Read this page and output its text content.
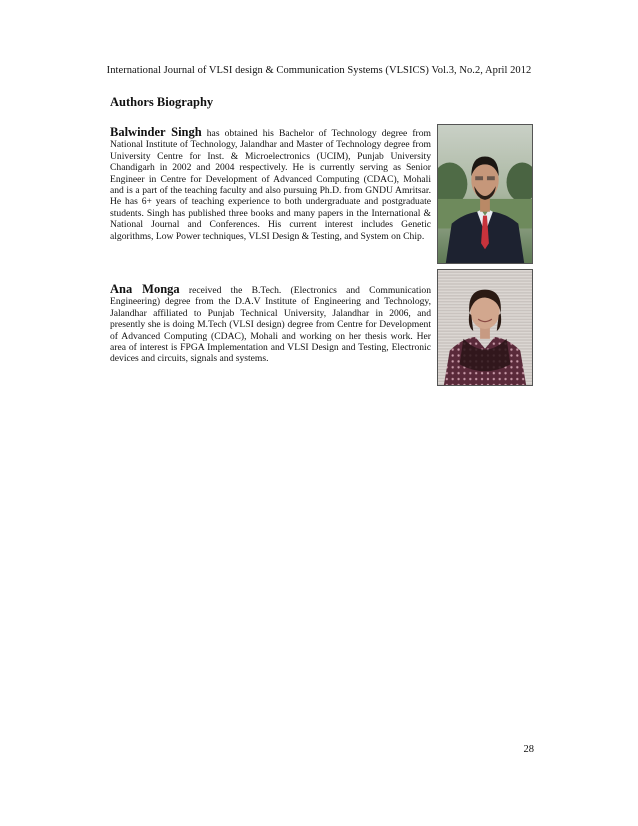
International Journal of VLSI design & Communication Systems (VLSICS) Vol.3, No.2, April 2012
Authors Biography
Balwinder Singh has obtained his Bachelor of Technology degree from National Institute of Technology, Jalandhar and Master of Technology degree from University Centre for Inst. & Microelectronics (UCIM), Punjab University Chandigarh in 2002 and 2004 respectively. He is currently serving as Senior Engineer in Centre for Development of Advanced Computing (CDAC), Mohali and is a part of the teaching faculty and also pursuing Ph.D. from GNDU Amritsar. He has 6+ years of teaching experience to both undergraduate and postgraduate students. Singh has published three books and many papers in the International & National Journal and Conferences. His current interest includes Genetic algorithms, Low Power techniques, VLSI Design & Testing, and System on Chip.
Ana Monga received the B.Tech. (Electronics and Communication Engineering) degree from the D.A.V Institute of Engineering and Technology, Jalandhar affiliated to Punjab Technical University, Jalandhar in 2006, and presently she is doing M.Tech (VLSI design) degree from Centre for Development of Advanced Computing (CDAC), Mohali and working on her thesis work. Her area of interest is FPGA Implementation and VLSI Design and Testing, Electronic devices and circuits, signals and systems.
28
